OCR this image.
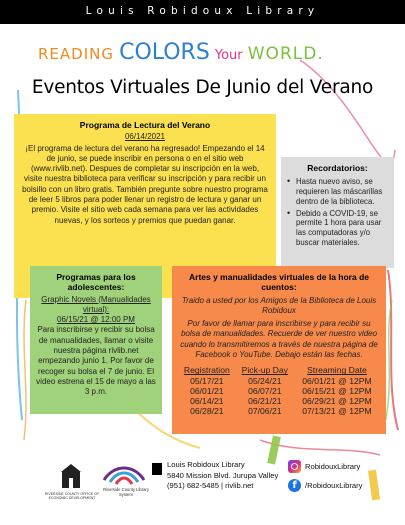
Louis Robidoux Library
READING COLORS Your WORLD.
Eventos Virtuales De Junio del Verano
Programa de Lectura del Verano
06/14/2021
¡El programa de lectura del verano ha regresado! Empezando el 14 de junio, se puede inscribir en persona o en el sitio web (www.rivlib.net). Despues de completar su inscripción en la web, visite nuestra biblioteca para verificar su inscripción y para recibir un bolsillo con un libro gratis. También pregunte sobre nuestro programa de leer 5 libros para poder llenar un registro de lectura y ganar un premio. Visite el sitio web cada semana para ver las actividades nuevas, y los sorteos y premios que puedan ganar.
Recordatorios:
• Hasta nuevo aviso, se requieren las máscarillas dentro de la biblioteca.
• Debido a COVID-19, se permite 1 hora para usar las computadoras y/o buscar materiales.
Programas para los adolescentes:
Graphic Novels (Manualidades virtual):
06/15/21 @ 12:00 PM
Para inscribirse y recibir su bolsa de manualidades, llamar o visite nuestra página rivlib.net empezando junio 1. Por favor de recoger su bolsa el 7 de junio. El video estrena el 15 de mayo a las 3 p.m.
Artes y manualidades virtuales de la hora de cuentos:
Traido a usted por los Amigos de la Biblioteca de Louis Robidoux
Por favor de llamar para inscribirse y para recibir su bolsa de manualidades. Recuerde de ver nuestro video cuando lo transmitiremos a través de nuestra página de Facebook o YouTube. Debajo están las fechas.
Registration	Pick-up Day	Streaming Date
05/17/21	05/24/21	06/01/21 @ 12PM
06/01/21	06/07/21	06/15/21 @ 12PM
06/14/21	06/21/21	06/29/21 @ 12PM
06/28/21	07/06/21	07/13/21 @ 12PM
RIVERSIDE COUNTY OFFICE OF ECONOMIC DEVELOPMENT
Riverside County Library System
Louis Robidoux Library
5840 Mission Blvd. Jurupa Valley
(951) 682-5485 | rivlib.net
RobidouxLibrary
f	/RobidouxLibrary
